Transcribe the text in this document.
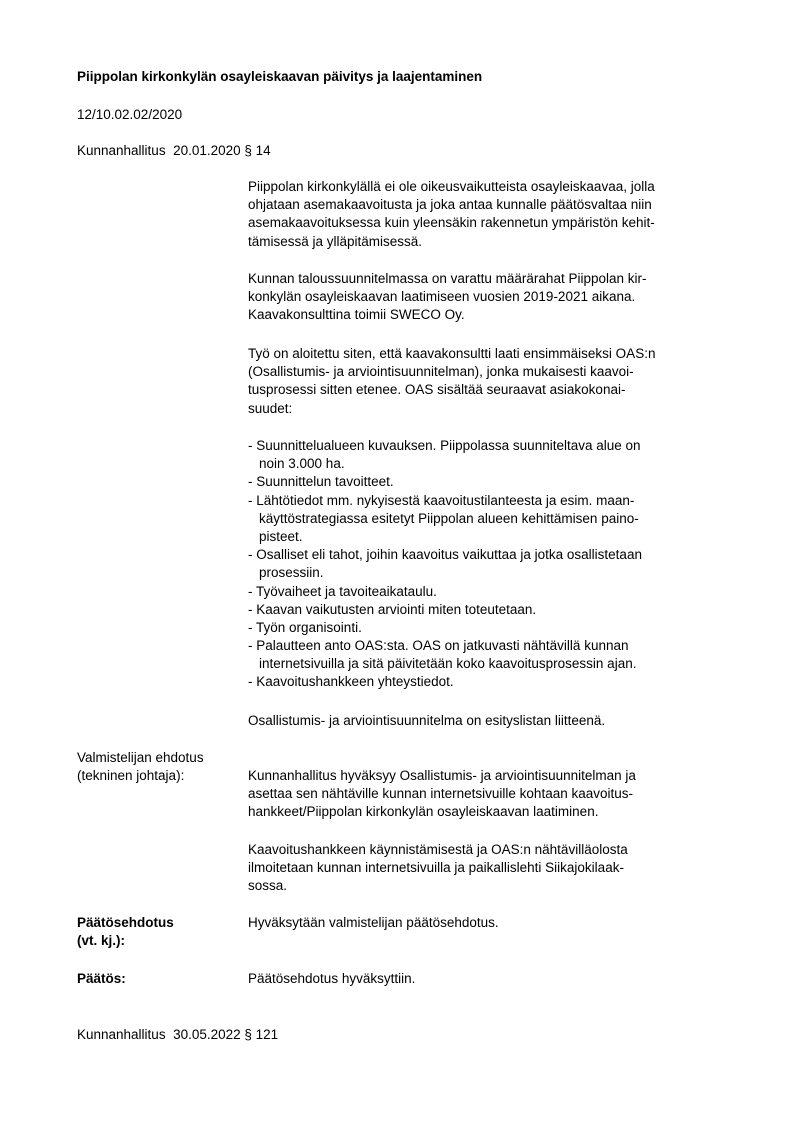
Piippolan kirkonkylän osayleiskaavan päivitys ja laajentaminen
12/10.02.02/2020
Kunnanhallitus  20.01.2020 § 14
Piippolan kirkonkylällä ei ole oikeusvaikutteista osayleiskaavaa, jolla
ohjataan asemakaavoitusta ja joka antaa kunnalle päätösvaltaa niin
asemakaavoituksessa kuin yleensäkin rakennetun ympäristön kehit-
tämisessä ja ylläpitämisessä.
Kunnan taloussuunnitelmassa on varattu määrärahat Piippolan kir-
konkylän osayleiskaavan laatimiseen vuosien 2019-2021 aikana.
Kaavakonsulttina toimii SWECO Oy.
Työ on aloitettu siten, että kaavakonsultti laati ensimmäiseksi OAS:n
(Osallistumis- ja arviointisuunnitelman), jonka mukaisesti kaavoi-
tusprosessi sitten etenee. OAS sisältää seuraavat asiakokonai-
suudet:
- Suunnittelualueen kuvauksen. Piippolassa suunniteltava alue on
noin 3.000 ha.
- Suunnittelun tavoitteet.
- Lähtötiedot mm. nykyisestä kaavoitustilanteesta ja esim. maan-
käyttöstrategiassa esitetyt Piippolan alueen kehittämisen paino-
pisteet.
- Osalliset eli tahot, joihin kaavoitus vaikuttaa ja jotka osallistetaan
prosessiin.
- Työvaiheet ja tavoiteaikataulu.
- Kaavan vaikutusten arviointi miten toteutetaan.
- Työn organisointi.
- Palautteen anto OAS:sta. OAS on jatkuvasti nähtävillä kunnan
internetsivuilla ja sitä päivitetään koko kaavoitusprosessin ajan.
- Kaavoitushankkeen yhteystiedot.
Osallistumis- ja arviointisuunnitelma on esityslistan liitteenä.
Valmistelijan ehdotus
(tekninen johtaja):	Kunnanhallitus hyväksyy Osallistumis- ja arviointisuunnitelman ja
asettaa sen nähtäville kunnan internetsivuille kohtaan kaavoitus-
hankkeet/Piippolan kirkonkylän osayleiskaavan laatiminen.
Kaavoitushankkeen käynnistämisestä ja OAS:n nähtävilläolosta
ilmoitetaan kunnan internetsivuilla ja paikallislehti Siikajokilaak-
sossa.
Päätösehdotus
(vt. kj.):
Hyväksytään valmistelijan päätösehdotus.
Päätös:	Päätösehdotus hyväksyttiin.
Kunnanhallitus  30.05.2022 § 121
